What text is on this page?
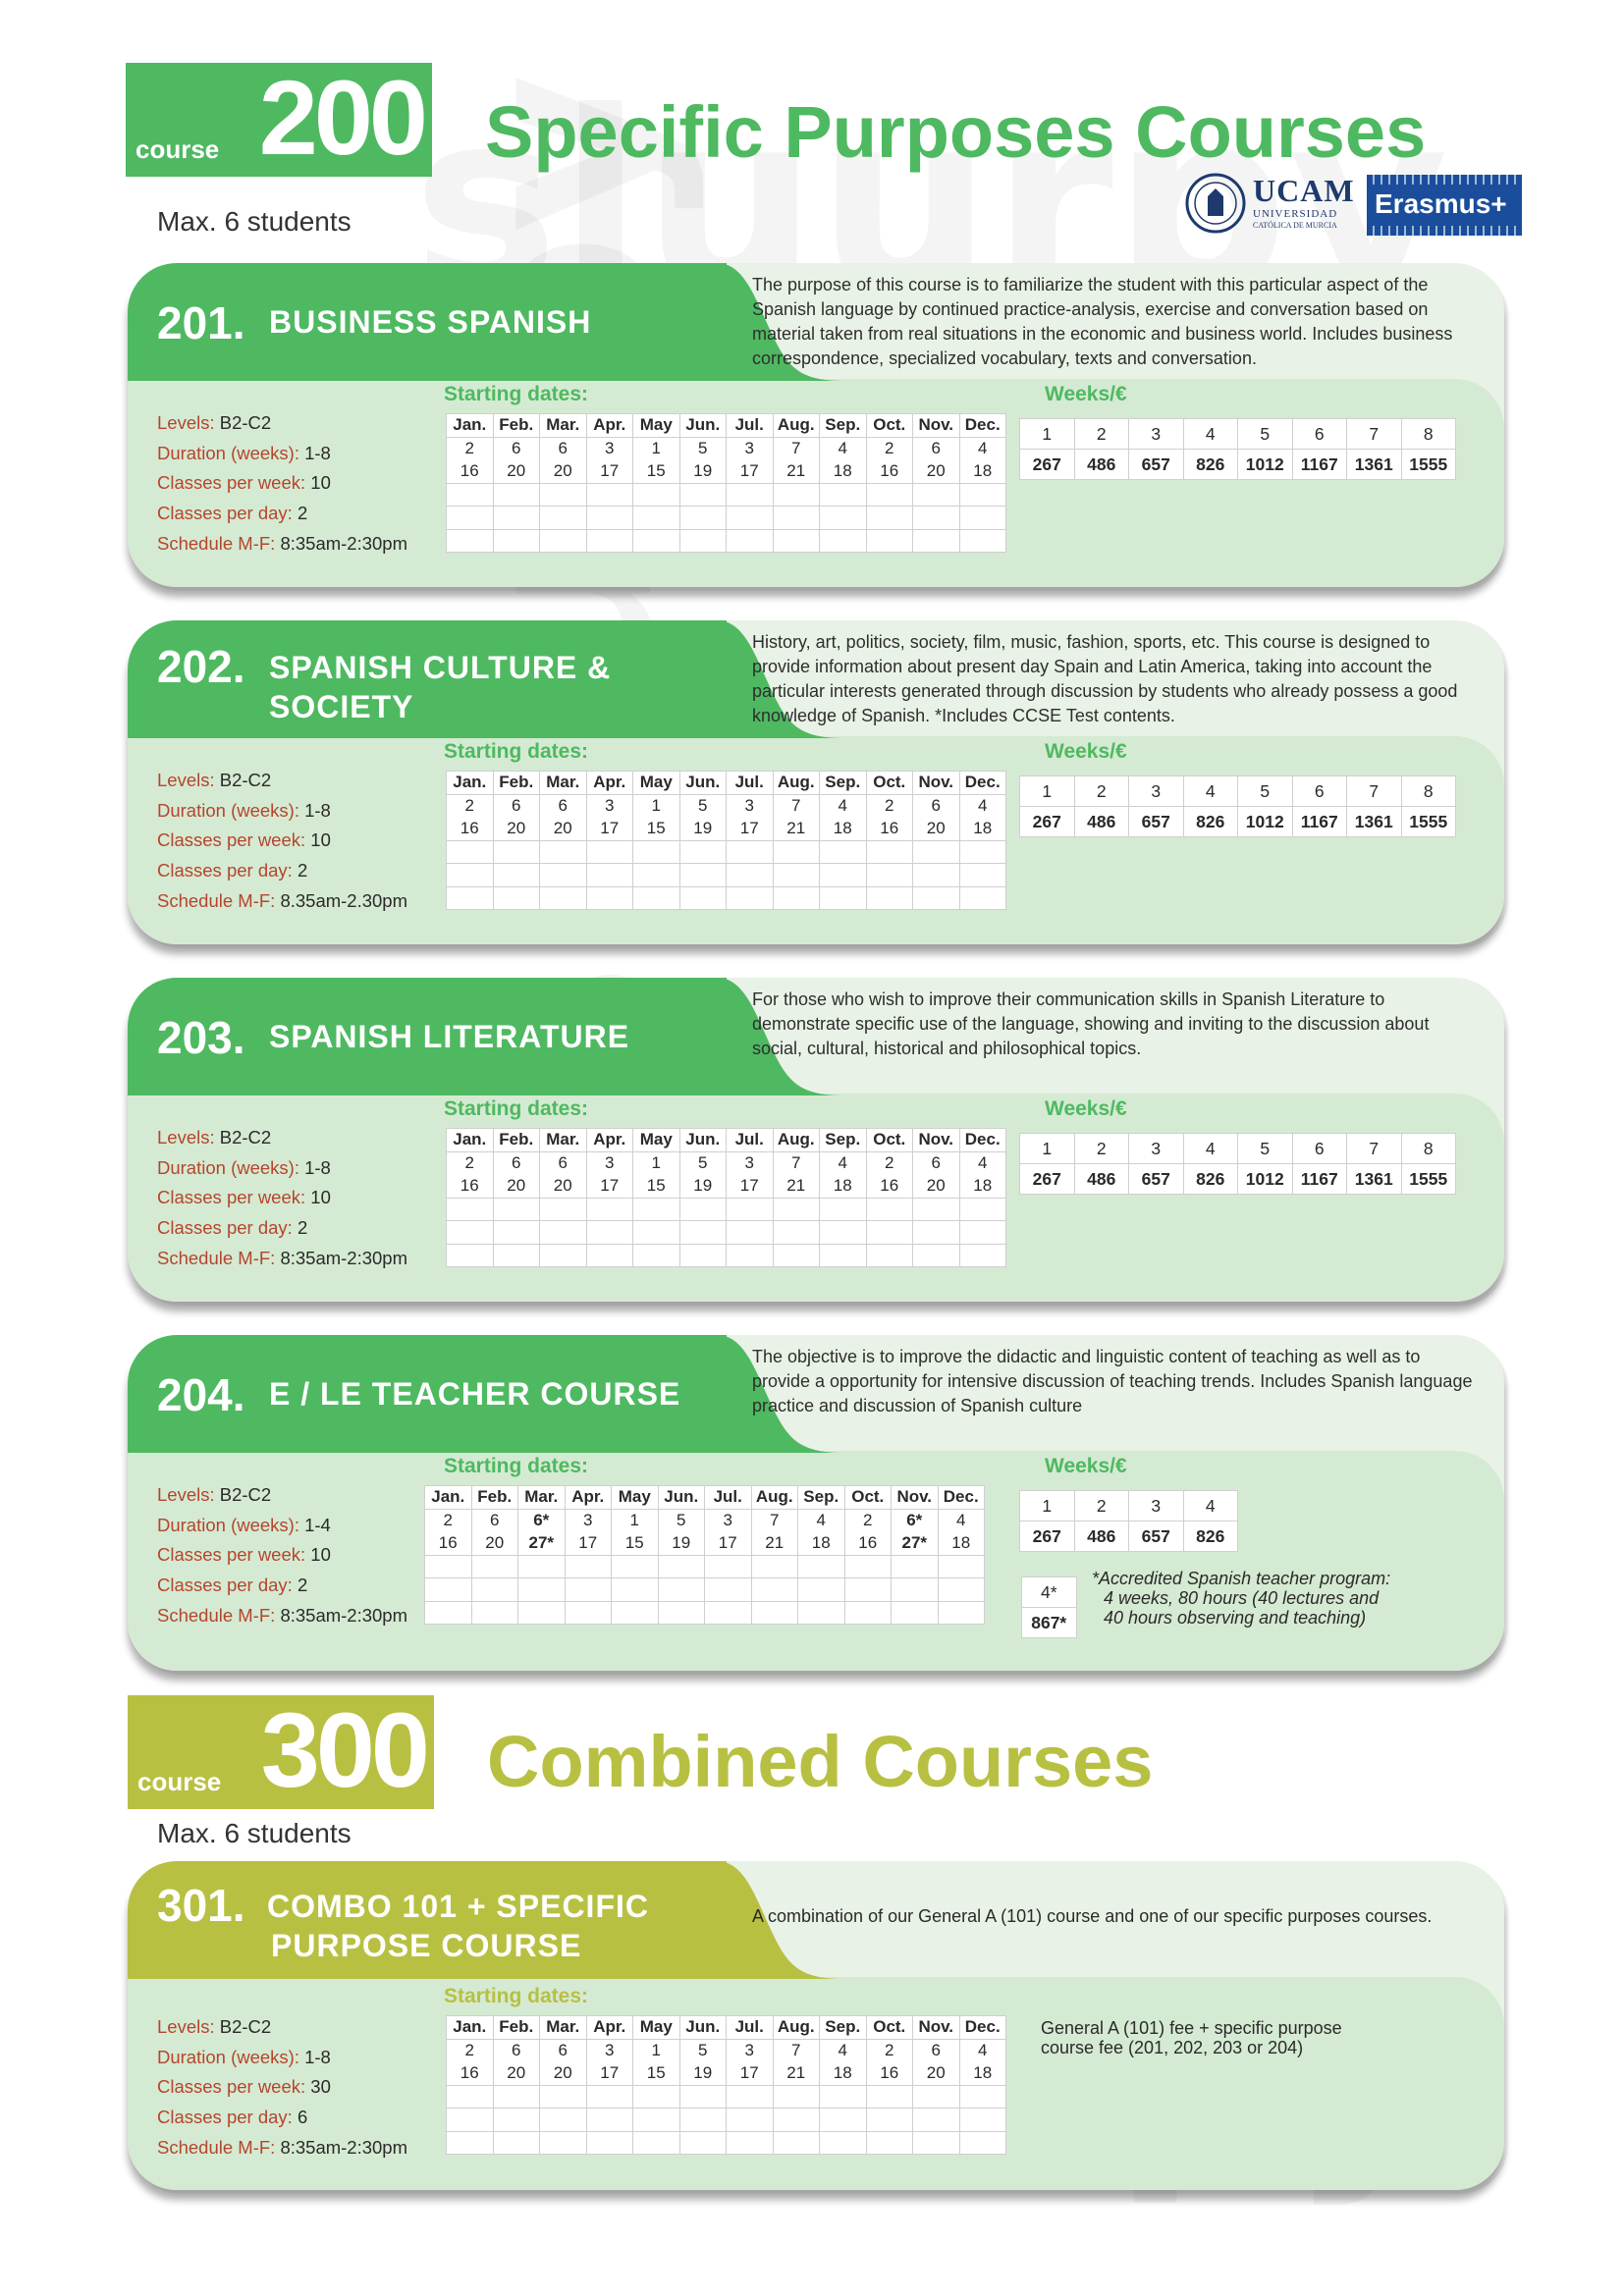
course 200 Specific Purposes Courses
Max. 6 students
UCAM
UNIVERSIDAD
CATÓLICA DE MURCIA
Erasmus+
201. BUSINESS SPANISH
The purpose of this course is to familiarize the student with this particular aspect of the Spanish language by continued practice-analysis, exercise and conversation based on material taken from real situations in the economic and business world. Includes business correspondence, specialized vocabulary, texts and conversation.
Levels: B2-C2
Duration (weeks): 1-8
Classes per week: 10
Classes per day: 2
Schedule M-F: 8:35am-2:30pm
Starting dates:
Jan.	Feb.	Mar.	Apr.	May	Jun.	Jul.	Aug.	Sep.	Oct.	Nov.	Dec.
2	6	6	3	1	5	3	7	4	2	6	4
16	20	20	17	15	19	17	21	18	16	20	18

Weeks/€
1	2	3	4	5	6	7	8
267	486	657	826	1012	1167	1361	1555
202. SPANISH CULTURE &
SOCIETY
History, art, politics, society, film, music, fashion, sports, etc. This course is designed to provide information about present day Spain and Latin America, taking into account the particular interests generated through discussion by students who already possess a good knowledge of Spanish. *Includes CCSE Test contents.
Levels: B2-C2
Duration (weeks): 1-8
Classes per week: 10
Classes per day: 2
Schedule M-F: 8.35am-2.30pm
Starting dates:
Jan.	Feb.	Mar.	Apr.	May	Jun.	Jul.	Aug.	Sep.	Oct.	Nov.	Dec.
2	6	6	3	1	5	3	7	4	2	6	4
16	20	20	17	15	19	17	21	18	16	20	18

Weeks/€
1	2	3	4	5	6	7	8
267	486	657	826	1012	1167	1361	1555
203. SPANISH LITERATURE
For those who wish to improve their communication skills in Spanish Literature to demonstrate specific use of the language, showing and inviting to the discussion about social, cultural, historical and philosophical topics.
Levels: B2-C2
Duration (weeks): 1-8
Classes per week: 10
Classes per day: 2
Schedule M-F: 8:35am-2:30pm
Starting dates:
Jan.	Feb.	Mar.	Apr.	May	Jun.	Jul.	Aug.	Sep.	Oct.	Nov.	Dec.
2	6	6	3	1	5	3	7	4	2	6	4
16	20	20	17	15	19	17	21	18	16	20	18

Weeks/€
1	2	3	4	5	6	7	8
267	486	657	826	1012	1167	1361	1555
204. E / LE TEACHER COURSE
The objective is to improve the didactic and linguistic content of teaching as well as to provide a opportunity for intensive discussion of teaching trends. Includes Spanish language practice and discussion of Spanish culture
Levels: B2-C2
Duration (weeks): 1-4
Classes per week: 10
Classes per day: 2
Schedule M-F: 8:35am-2:30pm
Starting dates:
Jan.	Feb.	Mar.	Apr.	May	Jun.	Jul.	Aug.	Sep.	Oct.	Nov.	Dec.
2	6	6*	3	1	5	3	7	4	2	6*	4
16	20	27*	17	15	19	17	21	18	16	27*	18

Weeks/€
1	2	3	4
267	486	657	826
4*
867*
*Accredited Spanish teacher program:
4 weeks, 80 hours (40 lectures and
40 hours observing and teaching)
course 300 Combined Courses
Max. 6 students
301. COMBO 101 + SPECIFIC
PURPOSE COURSE
A combination of our General A (101) course and one of our specific purposes courses.
Levels: B2-C2
Duration (weeks): 1-8
Classes per week: 30
Classes per day: 6
Schedule M-F: 8:35am-2:30pm
Starting dates:
Jan.	Feb.	Mar.	Apr.	May	Jun.	Jul.	Aug.	Sep.	Oct.	Nov.	Dec.
2	6	6	3	1	5	3	7	4	2	6	4
16	20	20	17	15	19	17	21	18	16	20	18

General A (101) fee + specific purpose
course fee (201, 202, 203 or 204)
